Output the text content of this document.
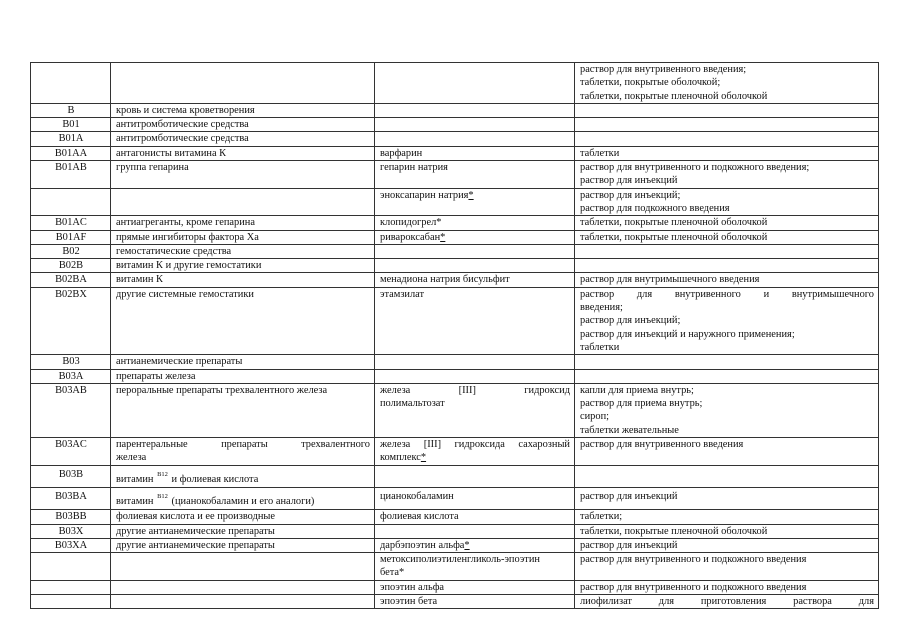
			раствор для внутривенного введения;
таблетки, покрытые оболочкой;
таблетки, покрытые пленочной оболочкой

B	кровь и система кроветворения		

B01	антитромботические средства		

B01A	антитромботические средства		

B01AA	антагонисты витамина К	варфарин	таблетки

B01AB	группа гепарина	гепарин натрия	раствор для внутривенного и подкожного введения;
раствор для инъекций

		эноксапарин натрия*	раствор для инъекций;
раствор для подкожного введения

B01AC	антиагреганты, кроме гепарина	клопидогрел*	таблетки, покрытые пленочной оболочкой

B01AF	прямые ингибиторы фактора Xa	ривароксабан*	таблетки, покрытые пленочной оболочкой

B02	гемостатические средства		

B02B	витамин К и другие гемостатики		

B02BA	витамин К	менадиона натрия бисульфит	раствор для внутримышечного введения

B02BX	другие системные гемостатики	этамзилат	раствор для внутривенного и внутримышечного
введения;
раствор для инъекций;
раствор для инъекций и наружного применения;
таблетки

B03	антианемические препараты		

B03A	препараты железа		

B03AB	пероральные препараты трехвалентного железа	железа [III] гидроксид
полимальтозат	капли для приема внутрь;
раствор для приема внутрь;
сироп;
таблетки жевательные

B03AC	парентеральные препараты трехвалентного
железа	железа [III] гидроксида сахарозный
комплекс*	раствор для внутривенного введения

B03B	витамин $^{B12}$ и фолиевая кислота		

B03BA	витамин $^{B12}$ (цианокобаламин и его аналоги)	цианокобаламин	раствор для инъекций

B03BB	фолиевая кислота и ее производные	фолиевая кислота	таблетки;

B03X	другие антианемические препараты		таблетки, покрытые пленочной оболочкой

B03XA	другие антианемические препараты	дарбэпоэтин альфа*	раствор для инъекций

		метоксиполиэтиленгликоль-эпоэтин
бета*	раствор для внутривенного и подкожного введения

		эпоэтин альфа	раствор для внутривенного и подкожного введения

		эпоэтин бета	лиофилизат для приготовления раствора для
